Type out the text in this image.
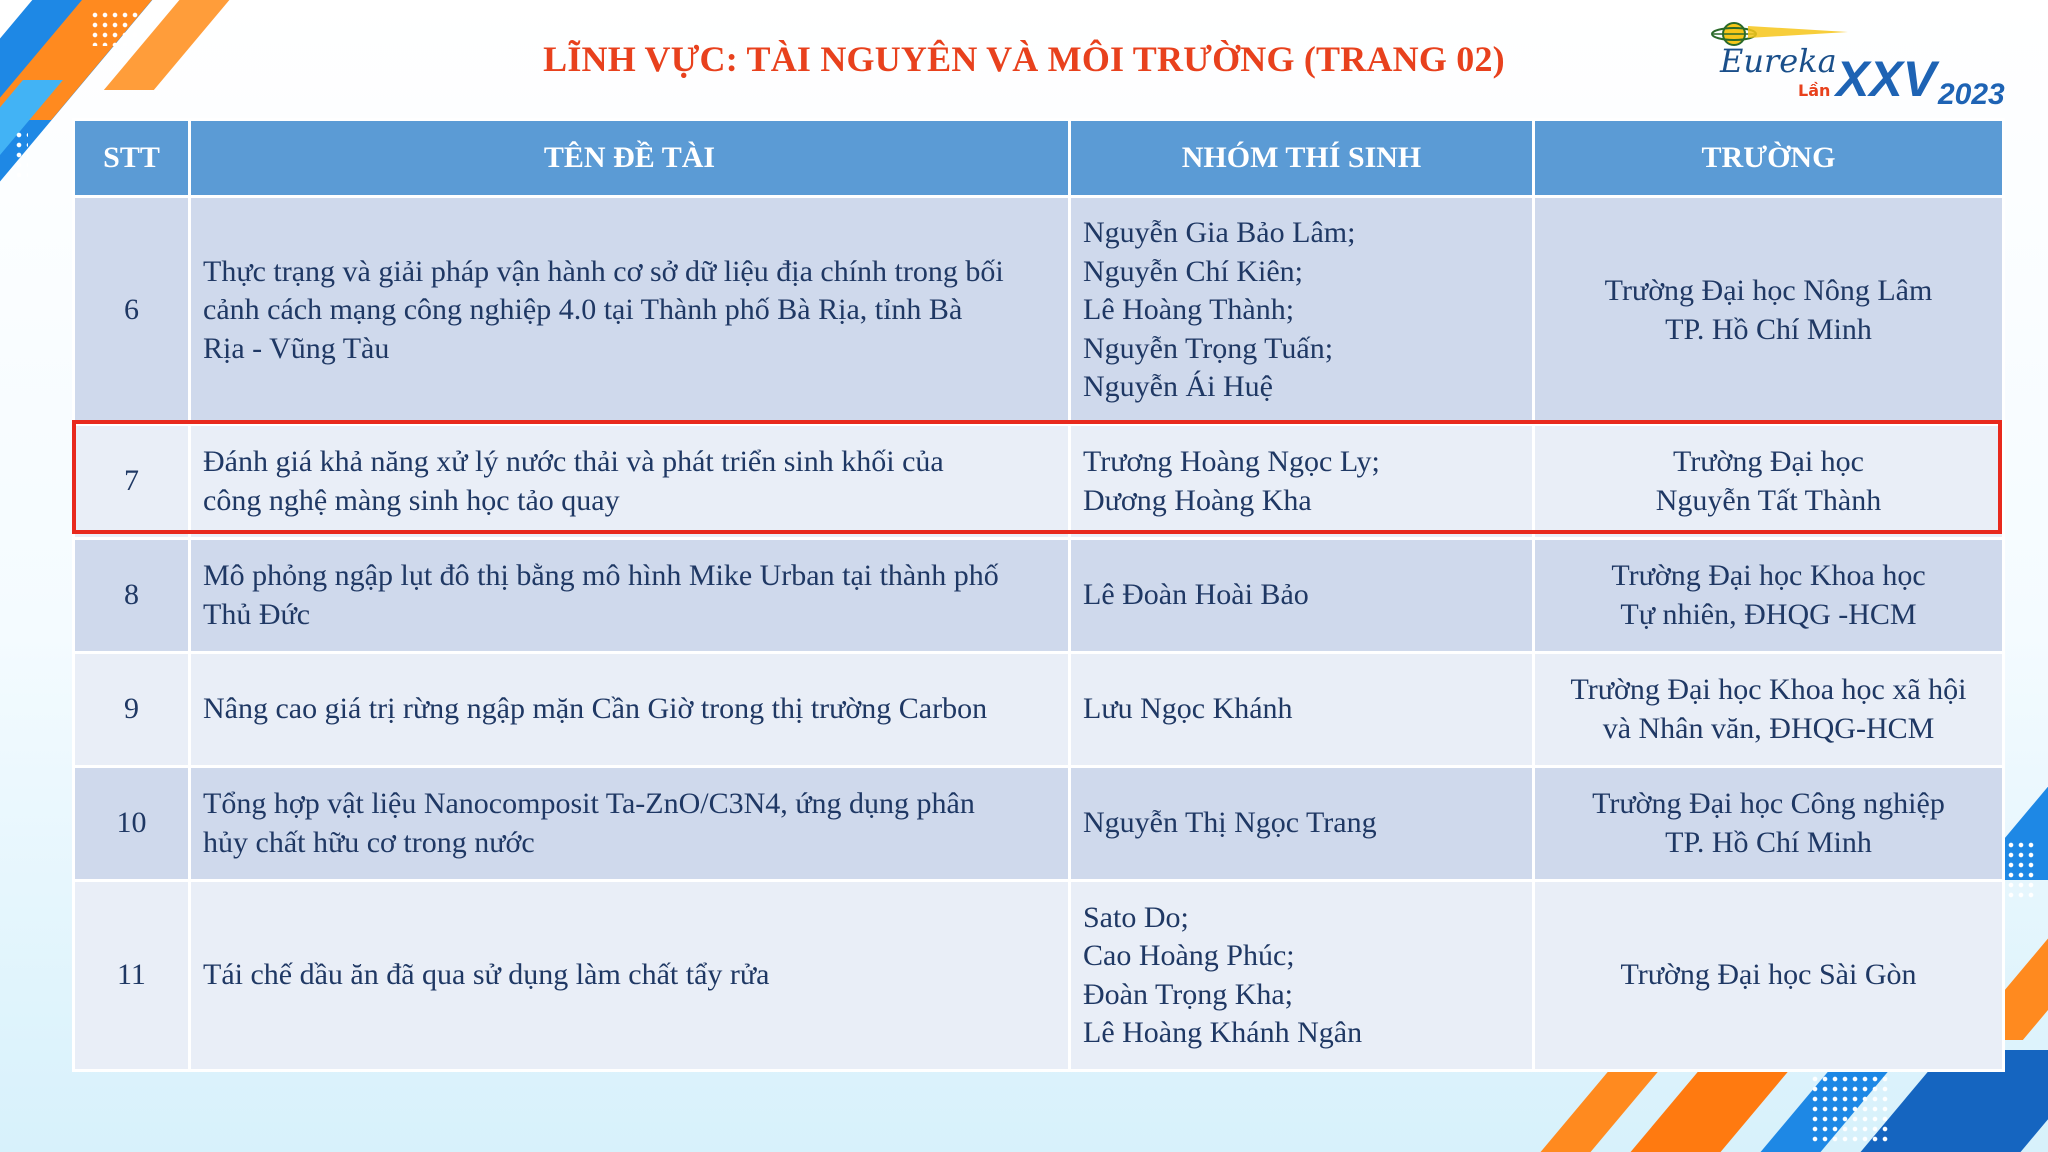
LĨNH VỰC: TÀI NGUYÊN VÀ MÔI TRƯỜNG (TRANG 02)	Eureka
Lần XXV 2023
STT	TÊN ĐỀ TÀI	NHÓM THÍ SINH	TRƯỜNG
6	Thực trạng và giải pháp vận hành cơ sở dữ liệu địa chính trong bối
cảnh cách mạng công nghiệp 4.0 tại Thành phố Bà Rịa, tỉnh Bà
Rịa - Vũng Tàu	Nguyễn Gia Bảo Lâm;
Nguyễn Chí Kiên;
Lê Hoàng Thành;
Nguyễn Trọng Tuấn;
Nguyễn Ái Huệ	Trường Đại học Nông Lâm
TP. Hồ Chí Minh

7	Đánh giá khả năng xử lý nước thải và phát triển sinh khối của
công nghệ màng sinh học tảo quay	Trương Hoàng Ngọc Ly;
Dương Hoàng Kha	Trường Đại học
Nguyễn Tất Thành

8	Mô phỏng ngập lụt đô thị bằng mô hình Mike Urban tại thành phố
Thủ Đức	Lê Đoàn Hoài Bảo	Trường Đại học Khoa học
Tự nhiên, ĐHQG -HCM

9	Nâng cao giá trị rừng ngập mặn Cần Giờ trong thị trường Carbon	Lưu Ngọc Khánh	Trường Đại học Khoa học xã hội
và Nhân văn, ĐHQG-HCM

10	Tổng hợp vật liệu Nanocomposit Ta-ZnO/C3N4, ứng dụng phân
hủy chất hữu cơ trong nước	Nguyễn Thị Ngọc Trang	Trường Đại học Công nghiệp
TP. Hồ Chí Minh

11	Tái chế dầu ăn đã qua sử dụng làm chất tẩy rửa	Sato Do;
Cao Hoàng Phúc;
Đoàn Trọng Kha;
Lê Hoàng Khánh Ngân	Trường Đại học Sài Gòn
